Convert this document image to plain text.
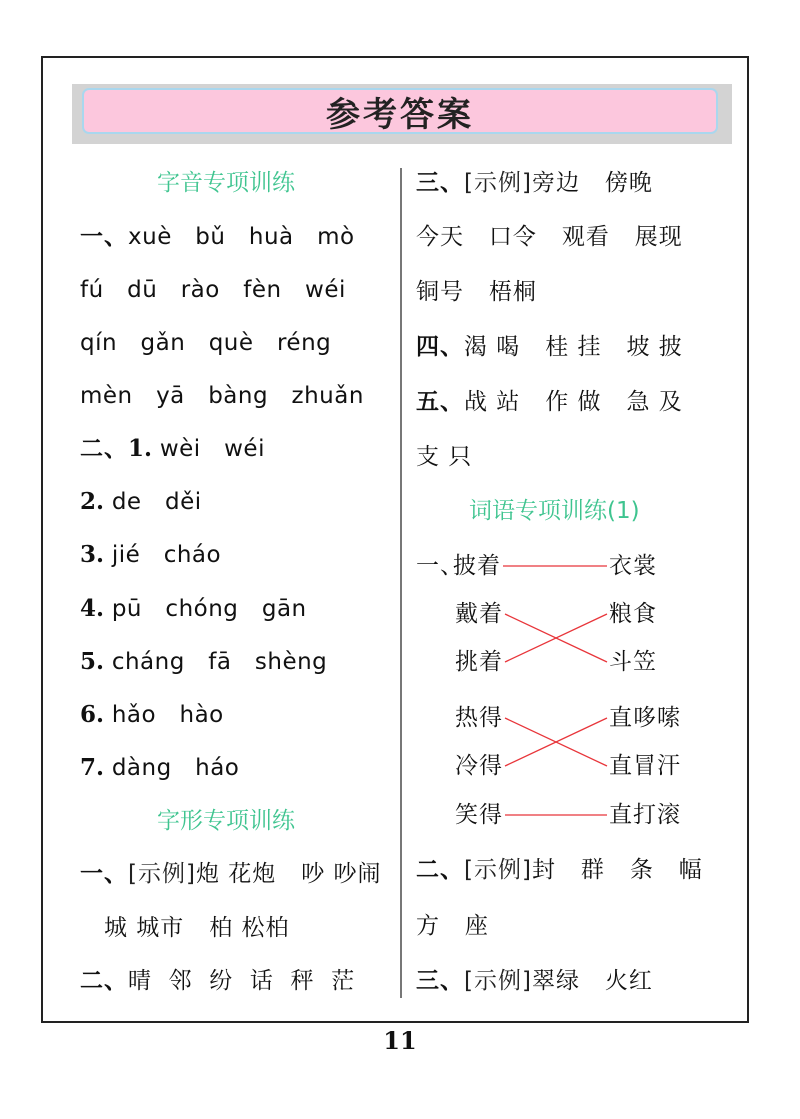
参考答案
字音专项训练
一、xuè   bǔ   huà   mò
fú   dū   rào   fèn   wéi
qín   gǎn   què   réng
mèn   yā   bàng   zhuǎn
二、1. wèi   wéi
2. de   děi
3. jié   cháo
4. pū   chóng   gān
5. cháng   fā   shèng
6. hǎo   hào
7. dàng   háo
字形专项训练
一、[示例]炮 花炮   吵 吵闹
城 城市   柏 松柏
二、晴  邻  纷  话  秤  茫
三、[示例]旁边   傍晚
今天   口令   观看   展现
铜号   梧桐
四、渴 喝   桂 挂   坡 披
五、战 站   作 做   急 及
支 只
词语专项训练(1)
一、
披着
戴着
挑着
热得
冷得
笑得
衣裳
粮食
斗笠
直哆嗦
直冒汗
直打滚
二、[示例]封   群   条   幅
方   座
三、[示例]翠绿   火红
11
